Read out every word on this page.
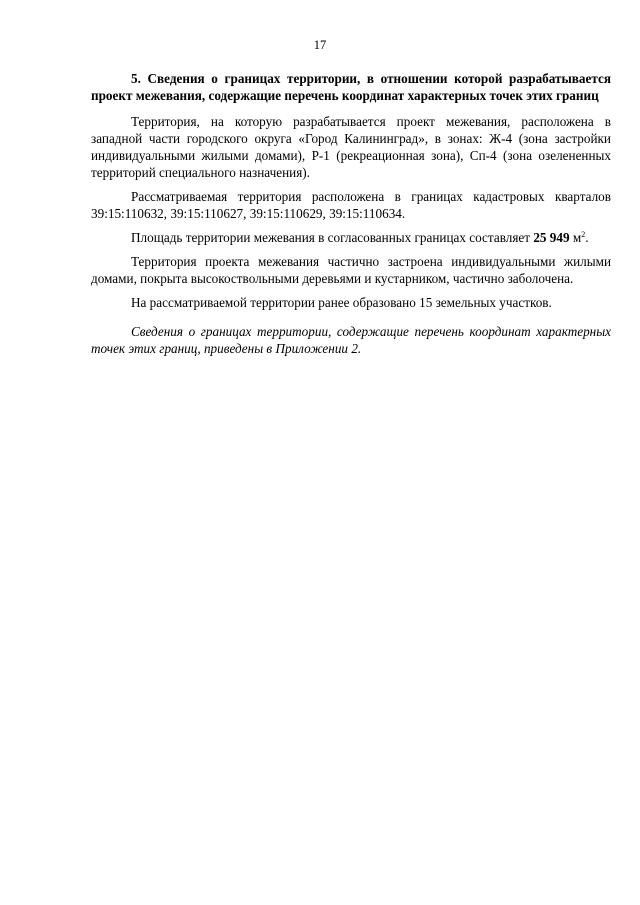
17

5. Сведения о границах территории, в отношении которой разрабатывается проект межевания, содержащие перечень координат характерных точек этих границ

Территория, на которую разрабатывается проект межевания, расположена в западной части городского округа «Город Калининград», в зонах: Ж-4 (зона застройки индивидуальными жилыми домами), Р-1 (рекреационная зона), Сп-4 (зона озелененных территорий специального назначения).

Рассматриваемая территория расположена в границах кадастровых кварталов 39:15:110632, 39:15:110627, 39:15:110629, 39:15:110634.

Площадь территории межевания в согласованных границах составляет 25 949 $м^2$.

Территория проекта межевания частично застроена индивидуальными жилыми домами, покрыта высокоствольными деревьями и кустарником, частично заболочена.

На рассматриваемой территории ранее образовано 15 земельных участков.

Сведения о границах территории, содержащие перечень координат характерных точек этих границ, приведены в Приложении 2.
